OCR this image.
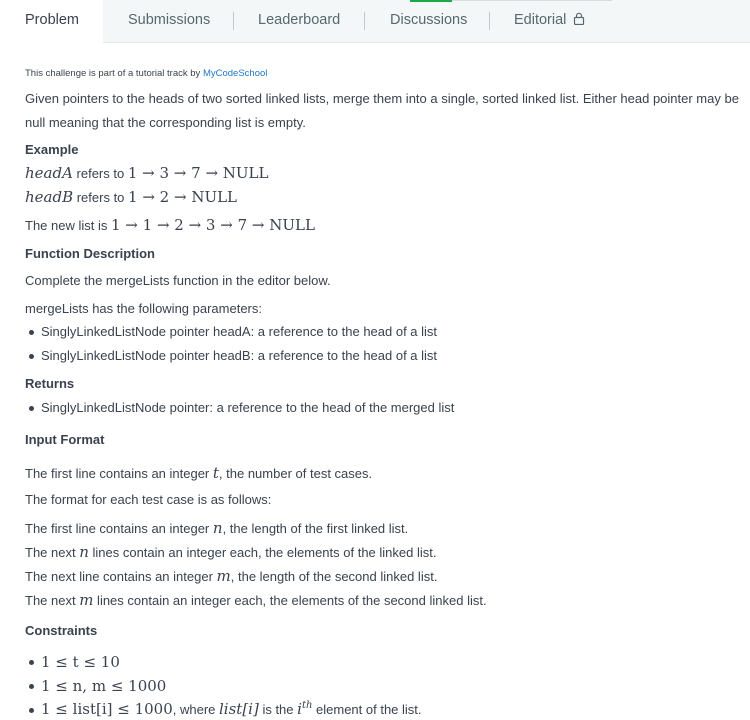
Problem	Submissions	Leaderboard	Discussions	Editorial
This challenge is part of a tutorial track by MyCodeSchool
Given pointers to the heads of two sorted linked lists, merge them into a single, sorted linked list. Either head pointer may be
null meaning that the corresponding list is empty.
Example
headA refers to 1 → 3 → 7 → NULL
headB refers to 1 → 2 → NULL
The new list is 1 → 1 → 2 → 3 → 7 → NULL
Function Description
Complete the mergeLists function in the editor below.
mergeLists has the following parameters:
SinglyLinkedListNode pointer headA: a reference to the head of a list
SinglyLinkedListNode pointer headB: a reference to the head of a list
Returns
SinglyLinkedListNode pointer: a reference to the head of the merged list
Input Format
The first line contains an integer t, the number of test cases.
The format for each test case is as follows:
The first line contains an integer n, the length of the first linked list.
The next n lines contain an integer each, the elements of the linked list.
The next line contains an integer m, the length of the second linked list.
The next m lines contain an integer each, the elements of the second linked list.
Constraints
1 ≤ t ≤ 10
1 ≤ n, m ≤ 1000
1 ≤ list[i] ≤ 1000, where list[i] is the $i^{th}$ element of the list.
